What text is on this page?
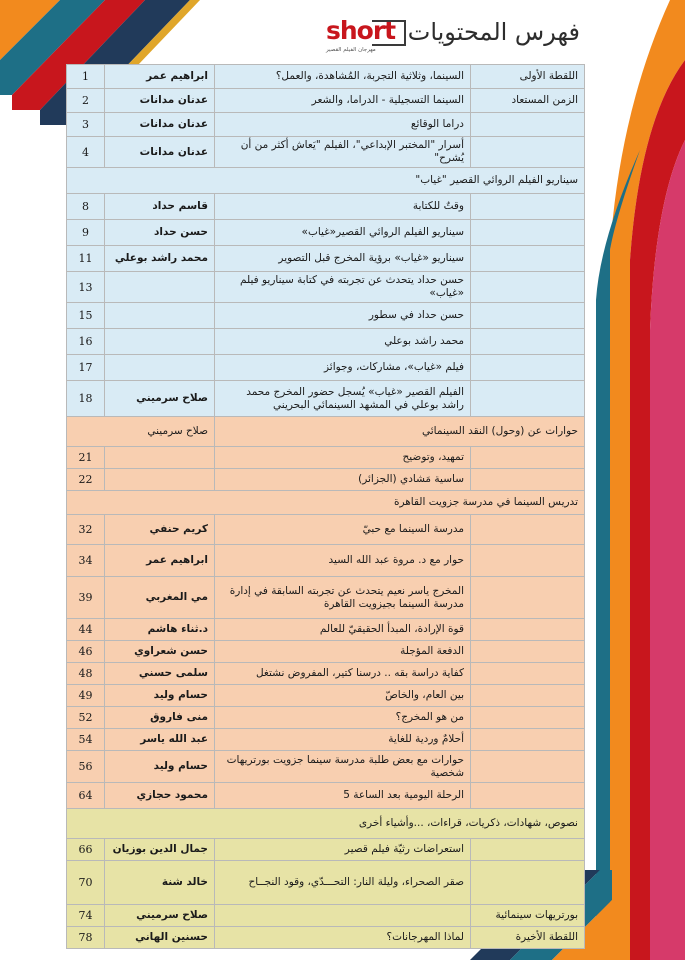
short
مهرجان الفيلم القصير
فهرس المحتويات
اللقطة الأولى	السينما، وثلاثية التجربة، المُشاهدة، والعمل؟	ابراهيم عمر	1
الزمن المستعاد	السينما التسجيلية - الدراما، والشعر	عدنان مدانات	2
	دراما الوقائع	عدنان مدانات	3
	أسرار "المختبر الإبداعي"، الفيلم "يَعاش أكثر من أن يُشرح"	عدنان مدانات	4
سيناريو الفيلم الروائي القصير "غياب"			
	وقتٌ للكتابة	قاسم حداد	8
	سيناريو الفيلم الروائي القصير«غياب»	حسن حداد	9
	سيناريو «غياب» برؤية المخرج قبل التصوير	محمد راشد بوعلي	11
	حسن حداد يتحدث عن تجربته في كتابة سيناريو فيلم «غياب»		13
	حسن حداد في سطور		15
	محمد راشد بوعلي		16
	فيلم «غياب»، مشاركات، وجوائز		17
	الفيلم القصير «غياب» يُسجل حضور المخرج محمد راشد بوعلي في المشهد السينمائي البحريني	صلاح سرميني	18
حوارات عن (وحول) النقد السينمائي		صلاح سرميني	
	تمهيد، وتوضيح		21
	ساسية مَشادي (الجزائر)		22
تدريس السينما في مدرسة جزويت القاهرة			
	مدرسة السينما مع حبيّ	كريم حنفي	32
	حوار مع د. مروة عبد الله السيد	ابراهيم عمر	34
	المخرج ياسر نعيم يتحدث عن تجربته السابقة في إدارة مدرسة السينما بجيزويت القاهرة	مي المغربي	39
	قوة الإرادة، المبدأ الحقيقيّ للعالم	د.ثناء هاشم	44
	الدفعة المؤجلة	حسن شعراوي	46
	كفاية دراسة بقه .. درسنا كتير، المفروض نشتغل	سلمى حسني	48
	بين العام، والخاصّ	حسام وليد	49
	من هو المخرج؟	منى فاروق	52
	أحلامٌ وردية للغاية	عبد الله ياسر	54
	حوارات مع بعض طلبة مدرسة سينما جزويت بورتريهات شخصية	حسام وليد	56
	الرحلة اليومية بعد الساعة 5	محمود حجازي	64
نصوص، شهادات، ذكريات، قراءات، ...وأشياء أخرى			
	استعراضات رثيّة فيلم قصير	جمال الدين بوزيان	66
	صقر الصحراء، وليلة النار: التحـــدّي، وقود النجــاح	خالد شنة	70
بورتريهات سينمائية		صلاح سرميني	74
اللقطة الأخيرة	لماذا المهرجانات؟	حسنين الهاني	78
